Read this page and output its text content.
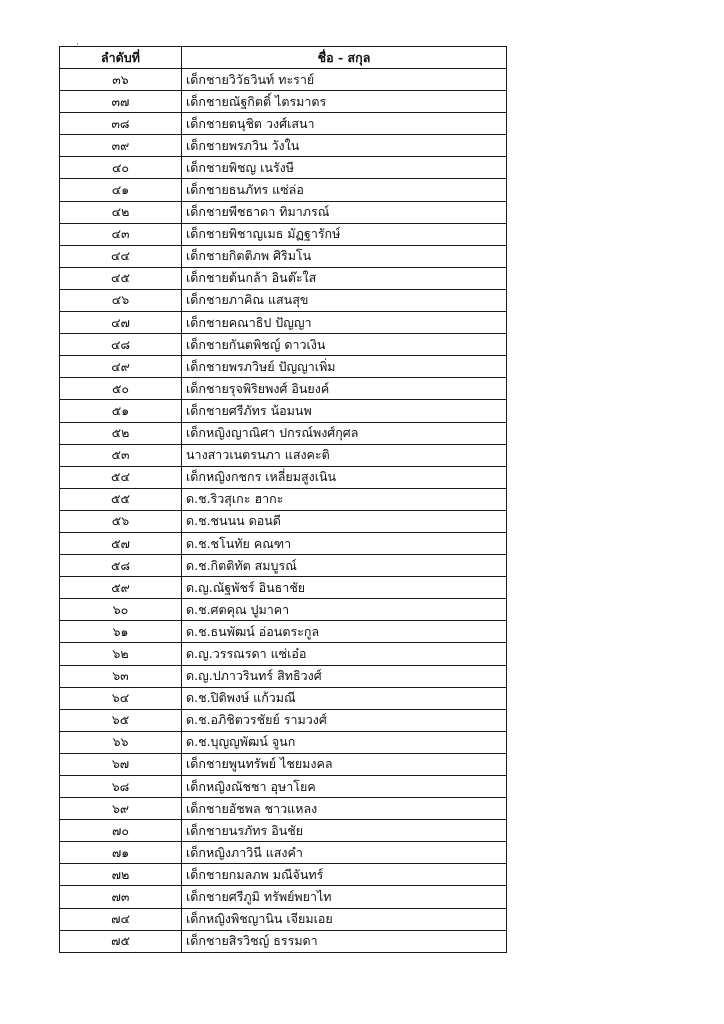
·
ลำดับที่	ชื่อ - สกุล
๓๖	เด็กชายวิวัธวินท์ ทะราย์
๓๗	เด็กชายณัฐกิตติ์ ไตรมาตร
๓๘	เด็กชายตนุชิต วงศ์เสนา
๓๙	เด็กชายพรภวิน วังใน
๔๐	เด็กชายพิชญ เนรังษี
๔๑	เด็กชายธนภัทร แซ่ล่อ
๔๒	เด็กชายพีชธาดา ทิมาภรณ์
๔๓	เด็กชายพิชาญเมธ มัฏฐารักษ์
๔๔	เด็กชายกิตติภพ ศิริมโน
๔๕	เด็กชายต้นกล้า อินต๊ะใส
๔๖	เด็กชายภาคิณ แสนสุข
๔๗	เด็กชายคณาธิป ปัญญา
๔๘	เด็กชายกันตพิชญ์ ดาวเงิน
๔๙	เด็กชายพรภวิษย์ ปัญญาเพิ่ม
๕๐	เด็กชายรุจพิริยพงศ์ อินยงค์
๕๑	เด็กชายศรีภัทร น้อมนพ
๕๒	เด็กหญิงญาณิศา ปกรณ์พงศ์กุศล
๕๓	นางสาวเนตรนภา แสงคะติ
๕๔	เด็กหญิงกชกร เหลี่ยมสูงเนิน
๕๕	ด.ช.ริวสุเกะ ฮากะ
๕๖	ด.ช.ชนนน ดอนดี
๕๗	ด.ช.ชโนทัย คณฑา
๕๘	ด.ช.กิตติทัต สมบูรณ์
๕๙	ด.ญ.ณัฐพัชร์ อินธาชัย
๖๐	ด.ช.ศตคุณ ปูมาคา
๖๑	ด.ช.ธนพัฒน์ อ่อนตระกูล
๖๒	ด.ญ.วรรณรดา แซ่เอ๋อ
๖๓	ด.ญ.ปภาวรินทร์ สิทธิวงศ์
๖๔	ด.ช.ปิติพงษ์ แก้วมณี
๖๕	ด.ช.อภิชิตวรชัยย์ รามวงศ์
๖๖	ด.ช.บุญญพัฒน์ จูนก
๖๗	เด็กชายพูนทรัพย์ ไชยมงคล
๖๘	เด็กหญิงณัชชา อุษาโยค
๖๙	เด็กชายอัชพล ชาวแหลง
๗๐	เด็กชายนรภัทร อินชัย
๗๑	เด็กหญิงภาวินี แสงคำ
๗๒	เด็กชายกมลภพ มณีจันทร์
๗๓	เด็กชายศรีภูมิ ทรัพย์พยาไท
๗๔	เด็กหญิงพิชญานิน เจียมเอย
๗๕	เด็กชายสิรวิชญ์ ธรรมดา
